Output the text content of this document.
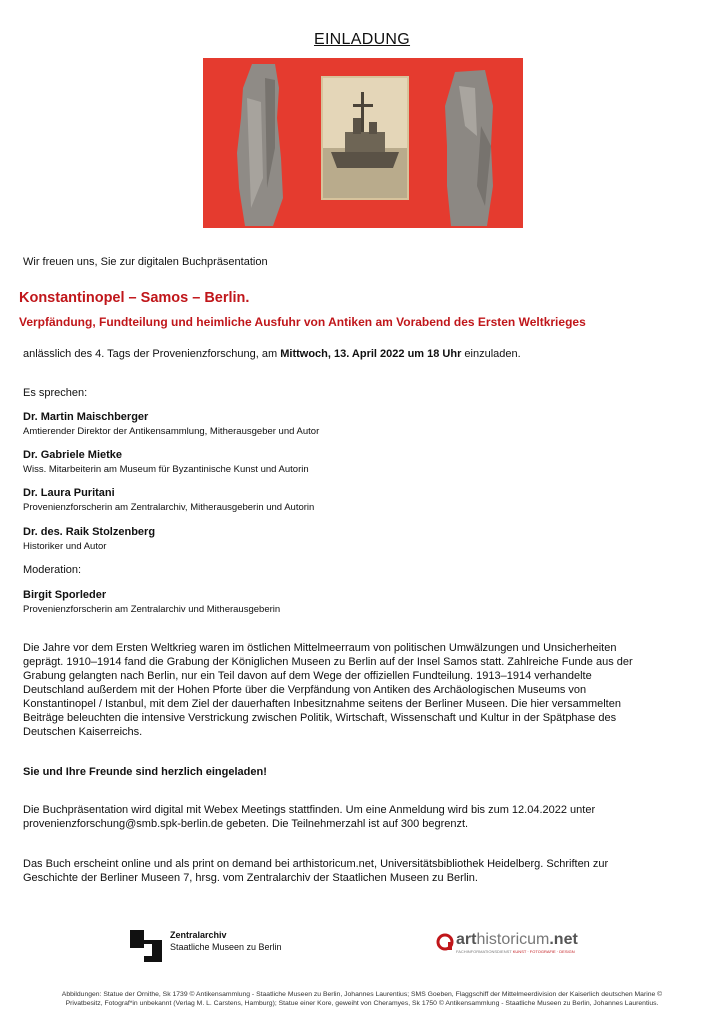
EINLADUNG
Wir freuen uns, Sie zur digitalen Buchpräsentation
Konstantinopel – Samos – Berlin.
Verpfändung, Fundteilung und heimliche Ausfuhr von Antiken am Vorabend des Ersten Weltkrieges
anlässlich des 4. Tags der Provenienzforschung, am Mittwoch, 13. April 2022 um 18 Uhr einzuladen.
Es sprechen:
Dr. Martin Maischberger
Amtierender Direktor der Antikensammlung, Mitherausgeber und Autor
Dr. Gabriele Mietke
Wiss. Mitarbeiterin am Museum für Byzantinische Kunst und Autorin
Dr. Laura Puritani
Provenienzforscherin am Zentralarchiv, Mitherausgeberin und Autorin
Dr. des. Raik Stolzenberg
Historiker und Autor
Moderation:
Birgit Sporleder
Provenienzforscherin am Zentralarchiv und Mitherausgeberin
Die Jahre vor dem Ersten Weltkrieg waren im östlichen Mittelmeerraum von politischen Umwälzungen und Unsicherheiten
geprägt. 1910–1914 fand die Grabung der Königlichen Museen zu Berlin auf der Insel Samos statt. Zahlreiche Funde aus der
Grabung gelangten nach Berlin, nur ein Teil davon auf dem Wege der offiziellen Fundteilung. 1913–1914 verhandelte
Deutschland außerdem mit der Hohen Pforte über die Verpfändung von Antiken des Archäologischen Museums von
Konstantinopel / Istanbul, mit dem Ziel der dauerhaften Inbesitznahme seitens der Berliner Museen. Die hier versammelten
Beiträge beleuchten die intensive Verstrickung zwischen Politik, Wirtschaft, Wissenschaft und Kultur in der Spätphase des
Deutschen Kaiserreichs.
Sie und Ihre Freunde sind herzlich eingeladen!
Die Buchpräsentation wird digital mit Webex Meetings stattfinden. Um eine Anmeldung wird bis zum 12.04.2022 unter
provenienzforschung@smb.spk-berlin.de gebeten. Die Teilnehmerzahl ist auf 300 begrenzt.
Das Buch erscheint online und als print on demand bei arthistoricum.net, Universitätsbibliothek Heidelberg. Schriften zur
Geschichte der Berliner Museen 7, hrsg. vom Zentralarchiv der Staatlichen Museen zu Berlin.
Zentralarchiv
Staatliche Museen zu Berlin	arthistoricum.net
FACHINFORMATIONSDIENST KUNST · FOTOGRAFIE · DESIGN
Abbildungen: Statue der Ornithe, Sk 1739 © Antikensammlung - Staatliche Museen zu Berlin, Johannes Laurentius; SMS Goeben, Flaggschiff der Mittelmeerdivision der Kaiserlich deutschen Marine ©
Privatbesitz, Fotograf*in unbekannt (Verlag M. L. Carstens, Hamburg); Statue einer Kore, geweiht von Cheramyes, Sk 1750 © Antikensammlung - Staatliche Museen zu Berlin, Johannes Laurentius.
